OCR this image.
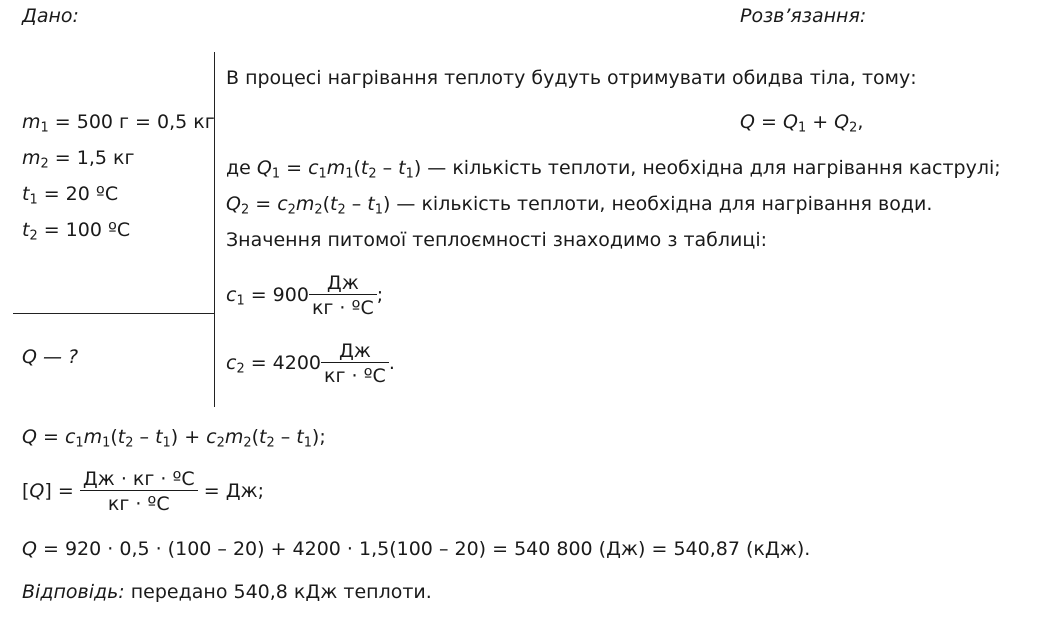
Дано:	Розв’язання:
$m_1 = 500$ г = 0,5 кг
$m_2 = 1,5$ кг
$t_1 = 20$ ºC
$t_2 = 100$ ºC
Q — ?
В процесі нагрівання теплоту будуть отримувати обидва тіла, тому:
$Q = Q_1 + Q_2$,
де $Q_1 = c_1m_1(t_2 - t_1)$ — кількість теплоти, необхідна для нагрівання каструлі;
$Q_2 = c_2m_2(t_2 - t_1)$ — кількість теплоти, необхідна для нагрівання води.
Значення питомої теплоємності знаходимо з таблиці:
$c_1 = 900 \frac{Дж}{\text{кг · ºC}}$ ;
$c_2 = 4200 \frac{Дж}{\text{кг · ºC}}$ .
$Q = c_1m_1(t_2 - t_1) + c_2m_2(t_2 - t_1)$;
$[Q] = \frac{\text{Дж · кг · ºC}}{\text{кг · ºC}}$ = Дж;
Q = 920 · 0,5 · (100 – 20) + 4200 · 1,5(100 – 20) = 540 800 (Дж) = 540,87 (кДж).
Відповідь: передано 540,8 кДж теплоти.
